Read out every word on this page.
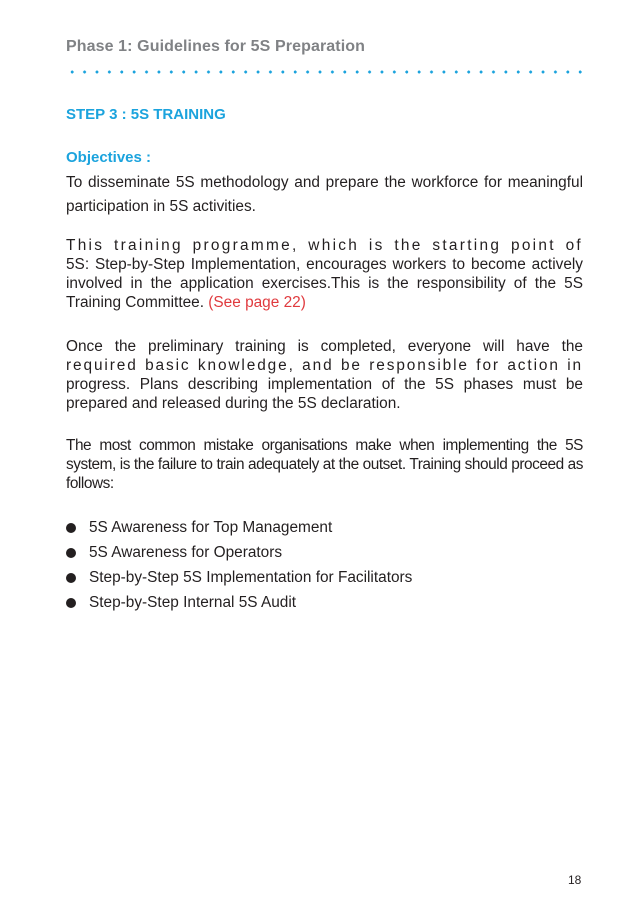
Phase 1: Guidelines for 5S Preparation
STEP 3 : 5S TRAINING
Objectives :

To disseminate 5S methodology and prepare the workforce for meaningful participation in 5S activities.

This training programme, which is the starting point of 5S: Step-by-Step Implementation, encourages workers to become actively involved in the application exercises.This is the responsibility of the 5S Training Committee. (See page 22)

Once the preliminary training is completed, everyone will have the required basic knowledge, and be responsible for action in progress. Plans describing implementation of the 5S phases must be prepared and released during the 5S declaration.

The most common mistake organisations make when implementing the 5S system, is the failure to train adequately at the outset. Training should proceed as follows:

5S Awareness for Top Management
5S Awareness for Operators
Step-by-Step 5S Implementation for Facilitators
Step-by-Step Internal 5S Audit
18
